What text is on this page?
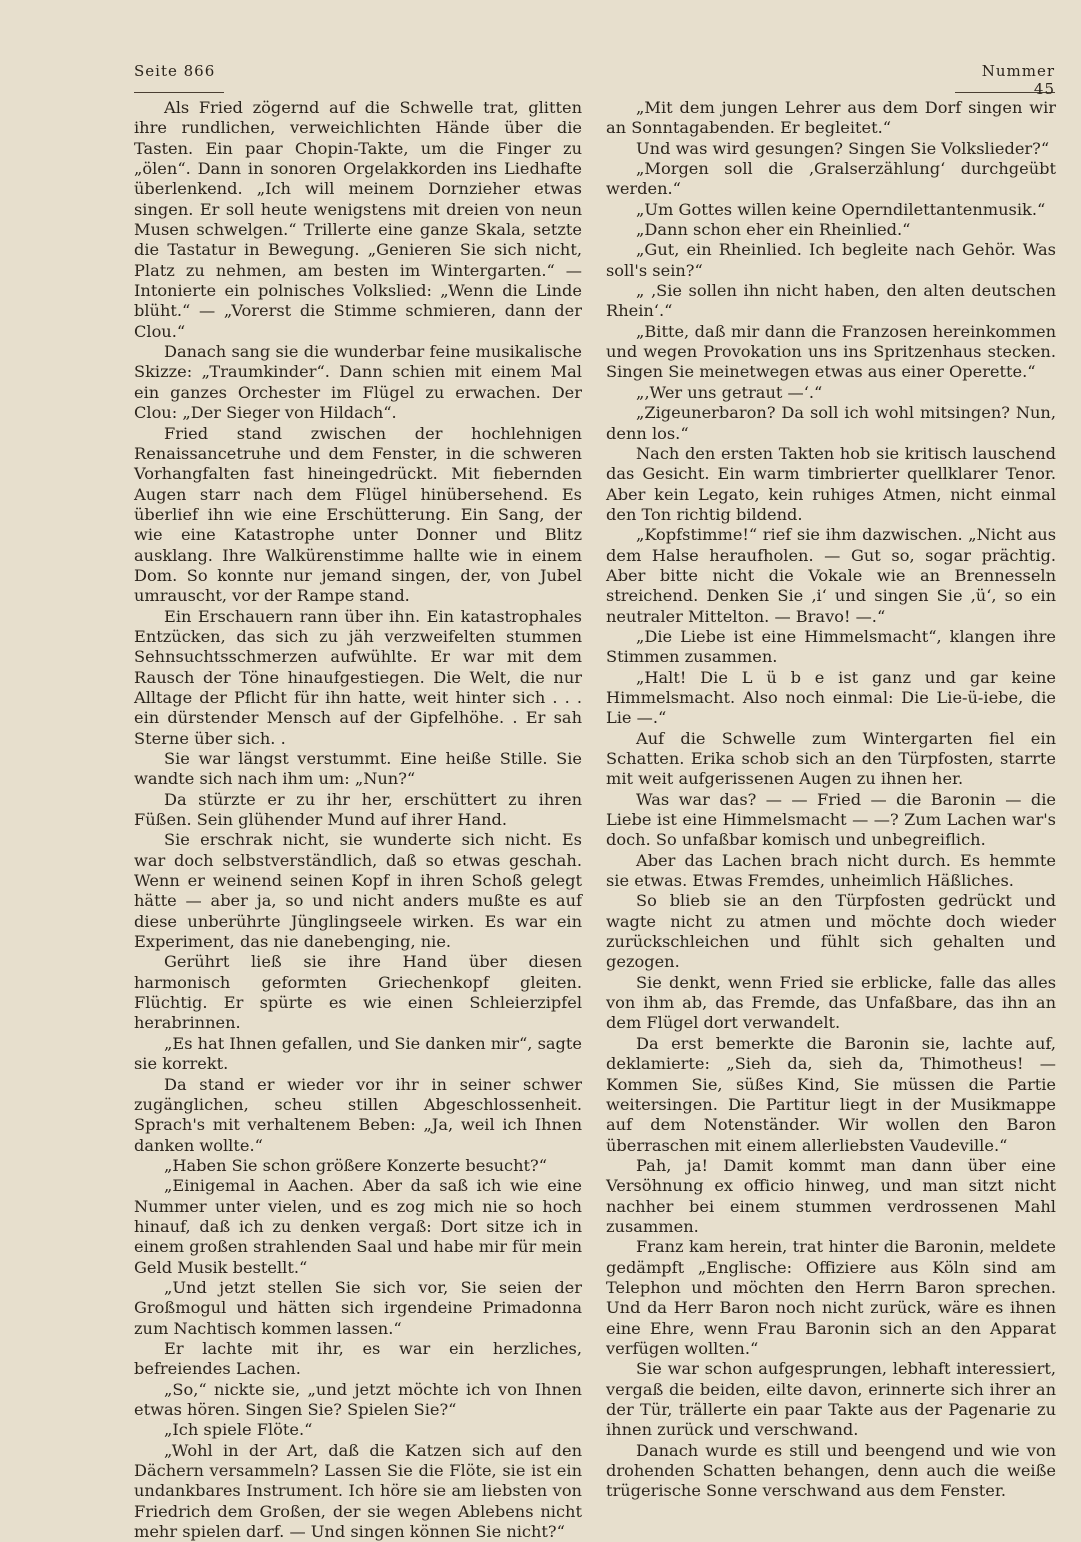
Seite 866	Nummer 45

Als Fried zögernd auf die Schwelle trat, glitten ihre rundlichen, verweichlichten Hände über die Tasten. Ein paar Chopin-Takte, um die Finger zu „ölen“. Dann in sonoren Orgelakkorden ins Liedhafte überlenkend. „Ich will meinem Dornzieher etwas singen. Er soll heute wenigstens mit dreien von neun Musen schwelgen.“ Trillerte eine ganze Skala, setzte die Tastatur in Bewegung. „Genieren Sie sich nicht, Platz zu nehmen, am besten im Wintergarten.“ — Intonierte ein polnisches Volkslied: „Wenn die Linde blüht.“ — „Vorerst die Stimme schmieren, dann der Clou.“

Danach sang sie die wunderbar feine musikalische Skizze: „Traumkinder“. Dann schien mit einem Mal ein ganzes Orchester im Flügel zu erwachen. Der Clou: „Der Sieger von Hildach“.

Fried stand zwischen der hochlehnigen Renaissancetruhe und dem Fenster, in die schweren Vorhangfalten fast hineingedrückt. Mit fiebernden Augen starr nach dem Flügel hinübersehend. Es überlief ihn wie eine Erschütterung. Ein Sang, der wie eine Katastrophe unter Donner und Blitz ausklang. Ihre Walkürenstimme hallte wie in einem Dom. So konnte nur jemand singen, der, von Jubel umrauscht, vor der Rampe stand.

Ein Erschauern rann über ihn. Ein katastrophales Entzücken, das sich zu jäh verzweifelten stummen Sehnsuchtsschmerzen aufwühlte. Er war mit dem Rausch der Töne hinaufgestiegen. Die Welt, die nur Alltage der Pflicht für ihn hatte, weit hinter sich . . . ein dürstender Mensch auf der Gipfelhöhe. . Er sah Sterne über sich. .

Sie war längst verstummt. Eine heiße Stille. Sie wandte sich nach ihm um: „Nun?“

Da stürzte er zu ihr her, erschüttert zu ihren Füßen. Sein glühender Mund auf ihrer Hand.

Sie erschrak nicht, sie wunderte sich nicht. Es war doch selbstverständlich, daß so etwas geschah. Wenn er weinend seinen Kopf in ihren Schoß gelegt hätte — aber ja, so und nicht anders mußte es auf diese unberührte Jünglingseele wirken. Es war ein Experiment, das nie danebenging, nie.

Gerührt ließ sie ihre Hand über diesen harmonisch geformten Griechenkopf gleiten. Flüchtig. Er spürte es wie einen Schleierzipfel herabrinnen.

„Es hat Ihnen gefallen, und Sie danken mir“, sagte sie korrekt.

Da stand er wieder vor ihr in seiner schwer zugänglichen, scheu stillen Abgeschlossenheit. Sprach's mit verhaltenem Beben: „Ja, weil ich Ihnen danken wollte.“

„Haben Sie schon größere Konzerte besucht?“

„Einigemal in Aachen. Aber da saß ich wie eine Nummer unter vielen, und es zog mich nie so hoch hinauf, daß ich zu denken vergaß: Dort sitze ich in einem großen strahlenden Saal und habe mir für mein Geld Musik bestellt.“

„Und jetzt stellen Sie sich vor, Sie seien der Großmogul und hätten sich irgendeine Primadonna zum Nachtisch kommen lassen.“

Er lachte mit ihr, es war ein herzliches, befreiendes Lachen.

„So,“ nickte sie, „und jetzt möchte ich von Ihnen etwas hören. Singen Sie? Spielen Sie?“

„Ich spiele Flöte.“

„Wohl in der Art, daß die Katzen sich auf den Dächern versammeln? Lassen Sie die Flöte, sie ist ein undankbares Instrument. Ich höre sie am liebsten von Friedrich dem Großen, der sie wegen Ablebens nicht mehr spielen darf. — Und singen können Sie nicht?“

„Mit dem jungen Lehrer aus dem Dorf singen wir an Sonntagabenden. Er begleitet.“

Und was wird gesungen? Singen Sie Volkslieder?“

„Morgen soll die ‚Gralserzählung‘ durchgeübt werden.“

„Um Gottes willen keine Operndilettantenmusik.“

„Dann schon eher ein Rheinlied.“

„Gut, ein Rheinlied. Ich begleite nach Gehör. Was soll's sein?“

„ ‚Sie sollen ihn nicht haben, den alten deutschen Rhein‘.“

„Bitte, daß mir dann die Franzosen hereinkommen und wegen Provokation uns ins Spritzenhaus stecken. Singen Sie meinetwegen etwas aus einer Operette.“

„‚Wer uns getraut —‘.“

„Zigeunerbaron? Da soll ich wohl mitsingen? Nun, denn los.“

Nach den ersten Takten hob sie kritisch lauschend das Gesicht. Ein warm timbrierter quellklarer Tenor. Aber kein Legato, kein ruhiges Atmen, nicht einmal den Ton richtig bildend.

„Kopfstimme!“ rief sie ihm dazwischen. „Nicht aus dem Halse heraufholen. — Gut so, sogar prächtig. Aber bitte nicht die Vokale wie an Brennesseln streichend. Denken Sie ‚i‘ und singen Sie ‚ü‘, so ein neutraler Mittelton. — Bravo! —.“

„Die Liebe ist eine Himmelsmacht“, klangen ihre Stimmen zusammen.

„Halt! Die L ü b e ist ganz und gar keine Himmelsmacht. Also noch einmal: Die Lie-ü-iebe, die Lie —.“

Auf die Schwelle zum Wintergarten fiel ein Schatten. Erika schob sich an den Türpfosten, starrte mit weit aufgerissenen Augen zu ihnen her.

Was war das? — — Fried — die Baronin — die Liebe ist eine Himmelsmacht — —? Zum Lachen war's doch. So unfaßbar komisch und unbegreiflich.

Aber das Lachen brach nicht durch. Es hemmte sie etwas. Etwas Fremdes, unheimlich Häßliches.

So blieb sie an den Türpfosten gedrückt und wagte nicht zu atmen und möchte doch wieder zurückschleichen und fühlt sich gehalten und gezogen.

Sie denkt, wenn Fried sie erblicke, falle das alles von ihm ab, das Fremde, das Unfaßbare, das ihn an dem Flügel dort verwandelt.

Da erst bemerkte die Baronin sie, lachte auf, deklamierte: „Sieh da, sieh da, Thimotheus! — Kommen Sie, süßes Kind, Sie müssen die Partie weitersingen. Die Partitur liegt in der Musikmappe auf dem Notenständer. Wir wollen den Baron überraschen mit einem allerliebsten Vaudeville.“

Pah, ja! Damit kommt man dann über eine Versöhnung ex officio hinweg, und man sitzt nicht nachher bei einem stummen verdrossenen Mahl zusammen.

Franz kam herein, trat hinter die Baronin, meldete gedämpft „Englische: Offiziere aus Köln sind am Telephon und möchten den Herrn Baron sprechen. Und da Herr Baron noch nicht zurück, wäre es ihnen eine Ehre, wenn Frau Baronin sich an den Apparat verfügen wollten.“

Sie war schon aufgesprungen, lebhaft interessiert, vergaß die beiden, eilte davon, erinnerte sich ihrer an der Tür, trällerte ein paar Takte aus der Pagenarie zu ihnen zurück und verschwand.

Danach wurde es still und beengend und wie von drohenden Schatten behangen, denn auch die weiße trügerische Sonne verschwand aus dem Fenster.
